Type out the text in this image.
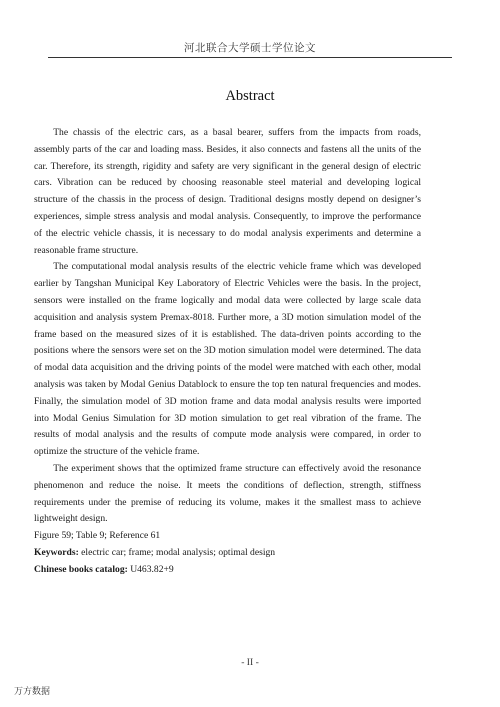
河北联合大学硕士学位论文
Abstract

The chassis of the electric cars, as a basal bearer, suffers from the impacts from roads, assembly parts of the car and loading mass. Besides, it also connects and fastens all the units of the car. Therefore, its strength, rigidity and safety are very significant in the general design of electric cars. Vibration can be reduced by choosing reasonable steel material and developing logical structure of the chassis in the process of design. Traditional designs mostly depend on designer’s experiences, simple stress analysis and modal analysis. Consequently, to improve the performance of the electric vehicle chassis, it is necessary to do modal analysis experiments and determine a reasonable frame structure.

The computational modal analysis results of the electric vehicle frame which was developed earlier by Tangshan Municipal Key Laboratory of Electric Vehicles were the basis. In the project, sensors were installed on the frame logically and modal data were collected by large scale data acquisition and analysis system Premax-8018. Further more, a 3D motion simulation model of the frame based on the measured sizes of it is established. The data-driven points according to the positions where the sensors were set on the 3D motion simulation model were determined. The data of modal data acquisition and the driving points of the model were matched with each other, modal analysis was taken by Modal Genius Datablock to ensure the top ten natural frequencies and modes. Finally, the simulation model of 3D motion frame and data modal analysis results were imported into Modal Genius Simulation for 3D motion simulation to get real vibration of the frame. The results of modal analysis and the results of compute mode analysis were compared, in order to optimize the structure of the vehicle frame.

The experiment shows that the optimized frame structure can effectively avoid the resonance phenomenon and reduce the noise. It meets the conditions of deflection, strength, stiffness requirements under the premise of reducing its volume, makes it the smallest mass to achieve lightweight design.

Figure 59; Table 9; Reference 61

Keywords: electric car; frame; modal analysis; optimal design

Chinese books catalog: U463.82+9

- II -
万方数据
